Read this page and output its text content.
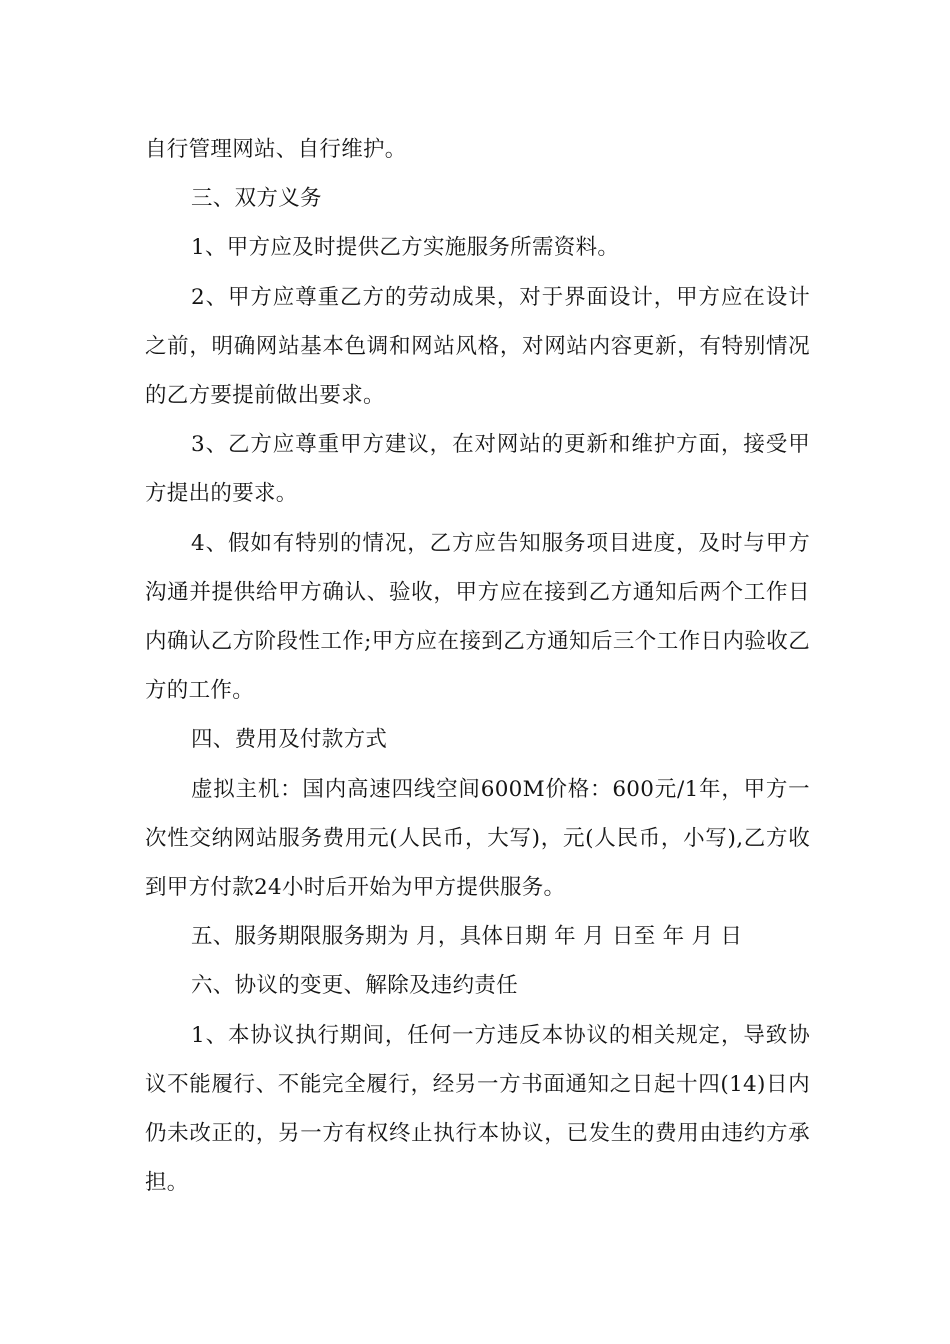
自行管理网站、自行维护。

三、双方义务

1、甲方应及时提供乙方实施服务所需资料。

2、甲方应尊重乙方的劳动成果，对于界面设计，甲方应在设计之前，明确网站基本色调和网站风格，对网站内容更新，有特别情况的乙方要提前做出要求。

3、乙方应尊重甲方建议，在对网站的更新和维护方面，接受甲方提出的要求。

4、假如有特别的情况，乙方应告知服务项目进度，及时与甲方沟通并提供给甲方确认、验收，甲方应在接到乙方通知后两个工作日内确认乙方阶段性工作;甲方应在接到乙方通知后三个工作日内验收乙方的工作。

四、费用及付款方式

虚拟主机：国内高速四线空间600M价格：600元/1年，甲方一次性交纳网站服务费用元(人民币，大写)，元(人民币，小写),乙方收到甲方付款24小时后开始为甲方提供服务。

五、服务期限服务期为 月，具体日期 年 月 日至 年 月 日

六、协议的变更、解除及违约责任

1、本协议执行期间，任何一方违反本协议的相关规定，导致协议不能履行、不能完全履行，经另一方书面通知之日起十四(14)日内仍未改正的，另一方有权终止执行本协议，已发生的费用由违约方承担。
